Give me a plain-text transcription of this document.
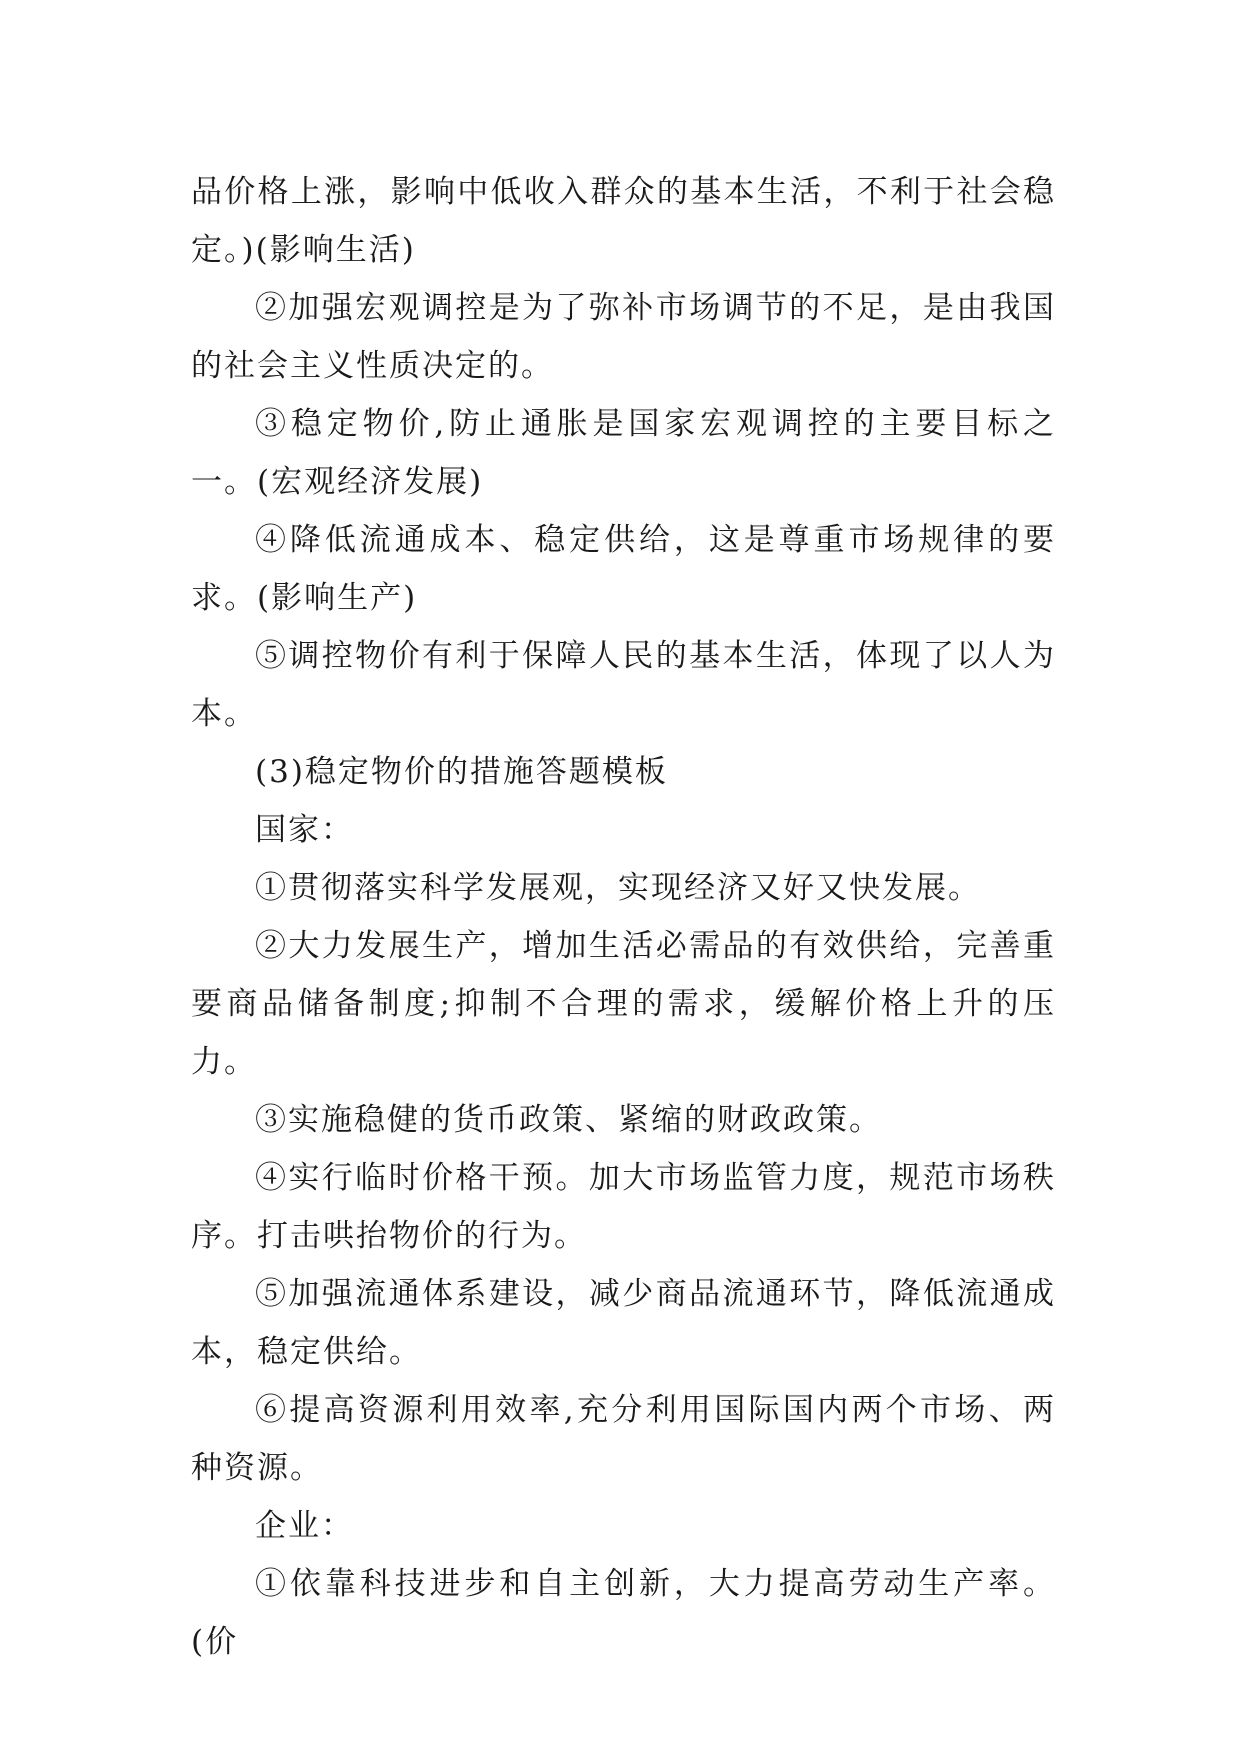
品价格上涨，影响中低收入群众的基本生活，不利于社会稳定。)(影响生活)

②加强宏观调控是为了弥补市场调节的不足，是由我国的社会主义性质决定的。

③稳定物价,防止通胀是国家宏观调控的主要目标之一。(宏观经济发展)

④降低流通成本、稳定供给，这是尊重市场规律的要求。(影响生产)

⑤调控物价有利于保障人民的基本生活，体现了以人为本。

(3)稳定物价的措施答题模板

国家：

①贯彻落实科学发展观，实现经济又好又快发展。

②大力发展生产，增加生活必需品的有效供给，完善重要商品储备制度;抑制不合理的需求，缓解价格上升的压力。

③实施稳健的货币政策、紧缩的财政政策。

④实行临时价格干预。加大市场监管力度，规范市场秩序。打击哄抬物价的行为。

⑤加强流通体系建设，减少商品流通环节，降低流通成本，稳定供给。

⑥提高资源利用效率,充分利用国际国内两个市场、两种资源。

企业：

①依靠科技进步和自主创新，大力提高劳动生产率。(价
